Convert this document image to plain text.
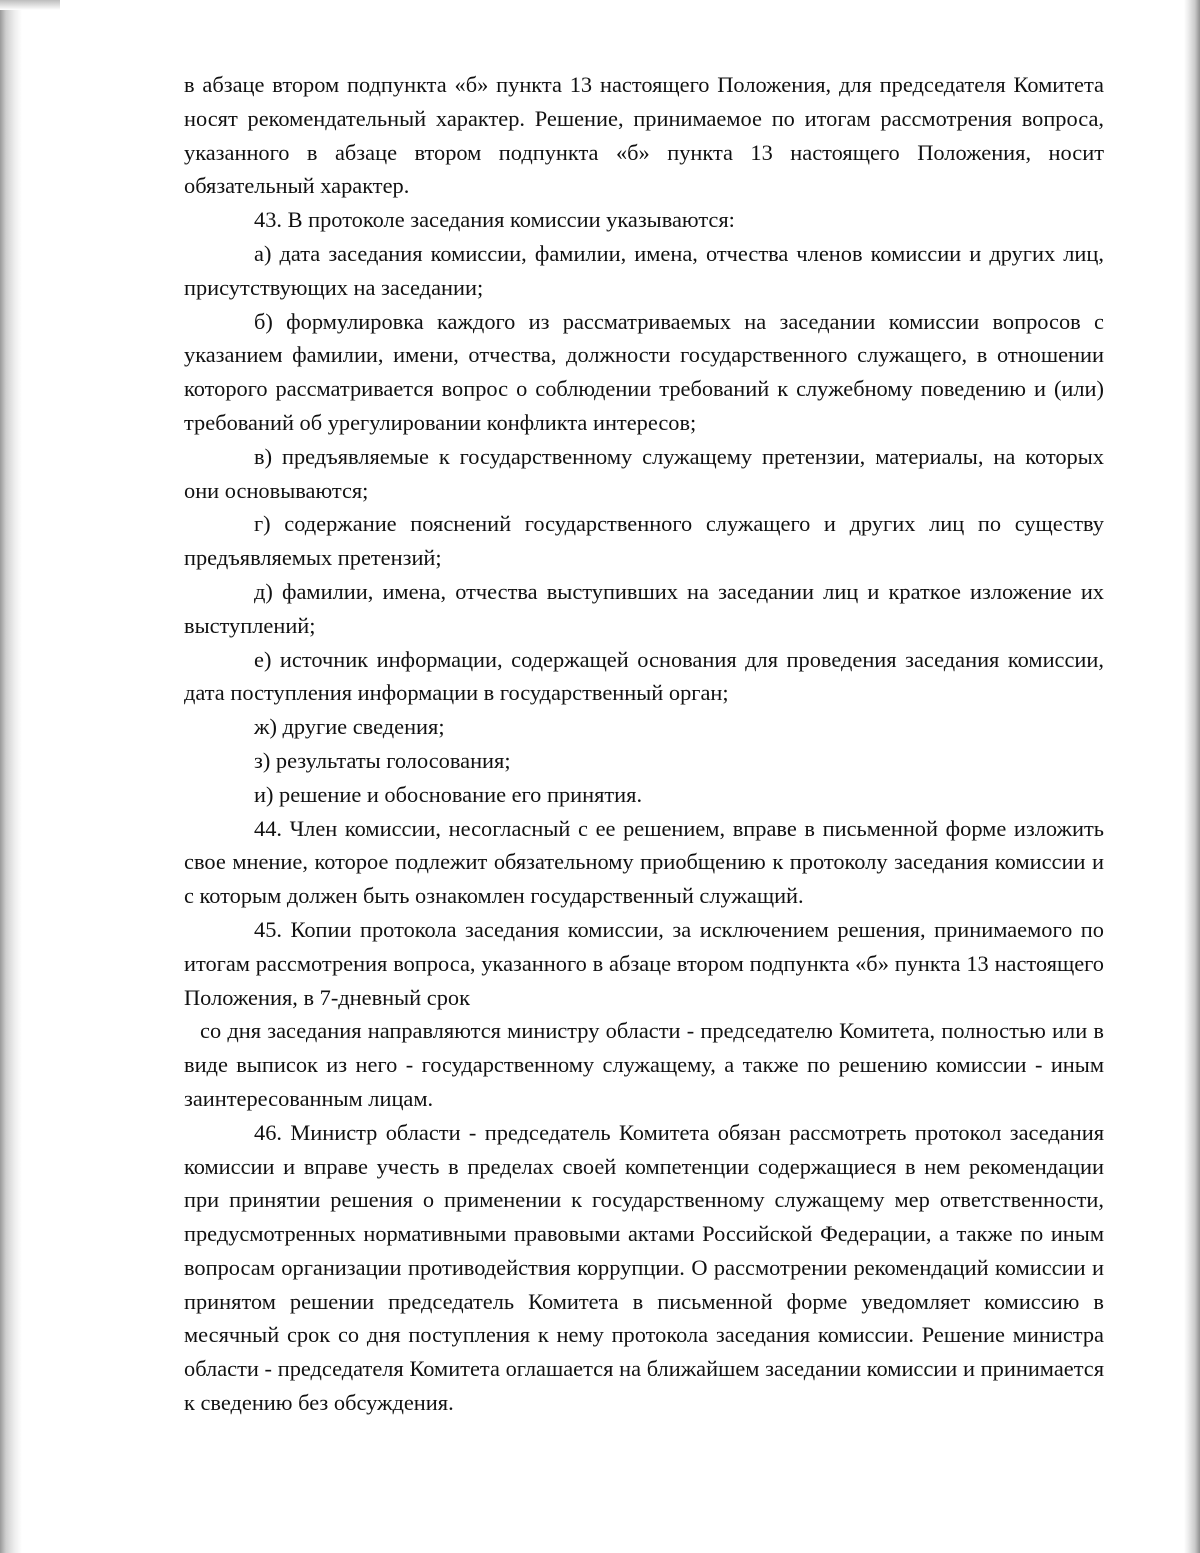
в абзаце втором подпункта «б» пункта 13 настоящего Положения, для председателя Комитета носят рекомендательный характер. Решение, принимаемое по итогам рассмотрения вопроса, указанного в абзаце втором подпункта «б» пункта 13 настоящего Положения, носит обязательный характер.

43. В протоколе заседания комиссии указываются:

а) дата заседания комиссии, фамилии, имена, отчества членов комиссии и других лиц, присутствующих на заседании;

б) формулировка каждого из рассматриваемых на заседании комиссии вопросов с указанием фамилии, имени, отчества, должности государственного служащего, в отношении которого рассматривается вопрос о соблюдении требований к служебному поведению и (или) требований об урегулировании конфликта интересов;

в) предъявляемые к государственному служащему претензии, материалы, на которых они основываются;

г) содержание пояснений государственного служащего и других лиц по существу предъявляемых претензий;

д) фамилии, имена, отчества выступивших на заседании лиц и краткое изложение их выступлений;

е) источник информации, содержащей основания для проведения заседания комиссии, дата поступления информации в государственный орган;

ж) другие сведения;

з) результаты голосования;

и) решение и обоснование его принятия.

44. Член комиссии, несогласный с ее решением, вправе в письменной форме изложить свое мнение, которое подлежит обязательному приобщению к протоколу заседания комиссии и с которым должен быть ознакомлен государственный служащий.

45. Копии протокола заседания комиссии, за исключением решения, принимаемого по итогам рассмотрения вопроса, указанного в абзаце втором подпункта «б» пункта 13 настоящего Положения, в 7-дневный срок

со дня заседания направляются министру области - председателю Комитета, полностью или в виде выписок из него - государственному служащему, а также по решению комиссии - иным заинтересованным лицам.

46. Министр области - председатель Комитета обязан рассмотреть протокол заседания комиссии и вправе учесть в пределах своей компетенции содержащиеся в нем рекомендации при принятии решения о применении к государственному служащему мер ответственности, предусмотренных нормативными правовыми актами Российской Федерации, а также по иным вопросам организации противодействия коррупции. О рассмотрении рекомендаций комиссии и принятом решении председатель Комитета в письменной форме уведомляет комиссию в месячный срок со дня поступления к нему протокола заседания комиссии. Решение министра области - председателя Комитета оглашается на ближайшем заседании комиссии и принимается к сведению без обсуждения.
